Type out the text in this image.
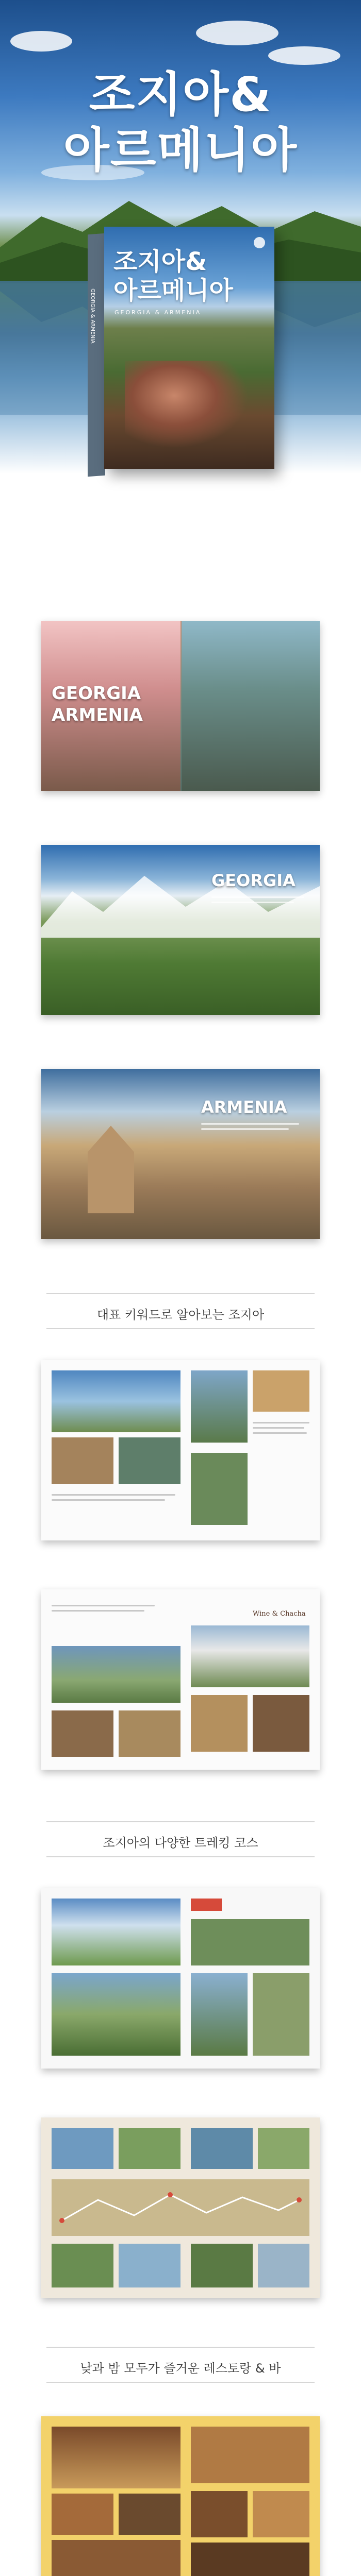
조지아&
아르메니아
GEORGIA & ARMENIA
조지아&
아르메니아
GEORGIA & ARMENIA
GEORGIA
ARMENIA
GEORGIA
ARMENIA
대표 키워드로 알아보는 조지아
Wine & Chacha
조지아의 다양한 트레킹 코스
낮과 밤 모두가 즐거운 레스토랑 & 바
